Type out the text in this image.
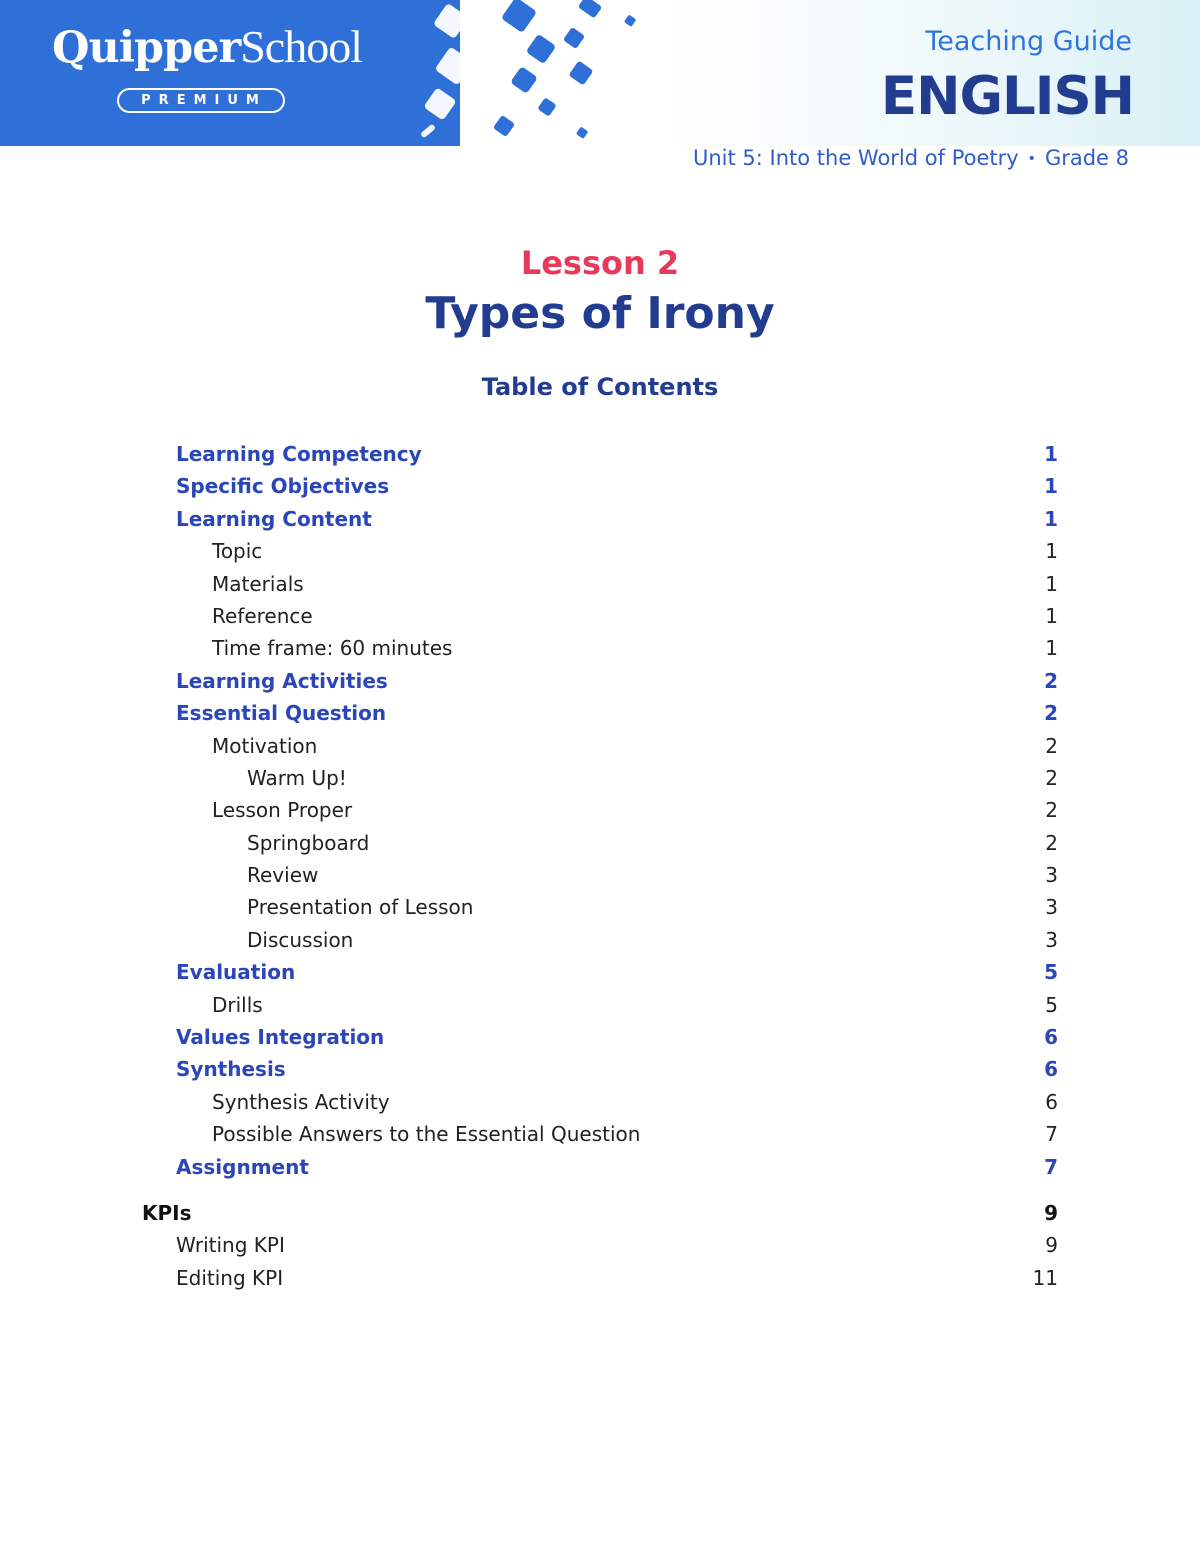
QuipperSchool
PREMIUM
Teaching Guide
ENGLISH
Unit 5: Into the World of Poetry • Grade 8
Lesson 2
Types of Irony
Table of Contents
Learning Competency	1
Specific Objectives	1
Learning Content	1
Topic	1
Materials	1
Reference	1
Time frame: 60 minutes	1
Learning Activities	2
Essential Question	2
Motivation	2
Warm Up!	2
Lesson Proper	2
Springboard	2
Review	3
Presentation of Lesson	3
Discussion	3
Evaluation	5
Drills	5
Values Integration	6
Synthesis	6
Synthesis Activity	6
Possible Answers to the Essential Question	7
Assignment	7
KPIs	9
Writing KPI	9
Editing KPI	11
